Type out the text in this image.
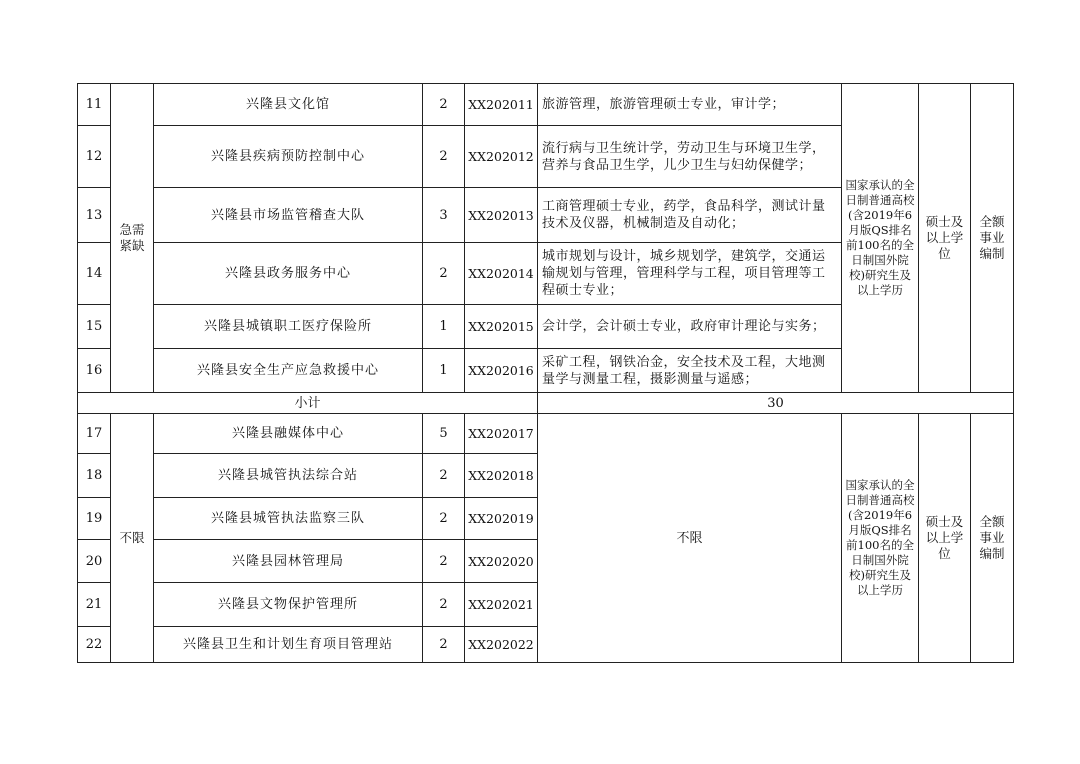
11	急需紧缺	兴隆县文化馆	2	XX202011	旅游管理，旅游管理硕士专业，审计学；	国家承认的全日制普通高校(含2019年6月版QS排名前100名的全日制国外院校)研究生及以上学历	硕士及以上学位	全额事业编制
12		兴隆县疾病预防控制中心	2	XX202012	流行病与卫生统计学，劳动卫生与环境卫生学，营养与食品卫生学，儿少卫生与妇幼保健学；			
13		兴隆县市场监管稽查大队	3	XX202013	工商管理硕士专业，药学，食品科学，测试计量技术及仪器，机械制造及自动化；			
14		兴隆县政务服务中心	2	XX202014	城市规划与设计，城乡规划学，建筑学，交通运输规划与管理，管理科学与工程，项目管理等工程硕士专业；			
15		兴隆县城镇职工医疗保险所	1	XX202015	会计学，会计硕士专业，政府审计理论与实务；			
16		兴隆县安全生产应急救援中心	1	XX202016	采矿工程，钢铁冶金，安全技术及工程，大地测量学与测量工程，摄影测量与遥感；			
小计					30			
17	不限	兴隆县融媒体中心	5	XX202017	不限	国家承认的全日制普通高校(含2019年6月版QS排名前100名的全日制国外院校)研究生及以上学历	硕士及以上学位	全额事业编制
18		兴隆县城管执法综合站	2	XX202018				
19		兴隆县城管执法监察三队	2	XX202019				
20		兴隆县园林管理局	2	XX202020				
21		兴隆县文物保护管理所	2	XX202021				
22		兴隆县卫生和计划生育项目管理站	2	XX202022				
